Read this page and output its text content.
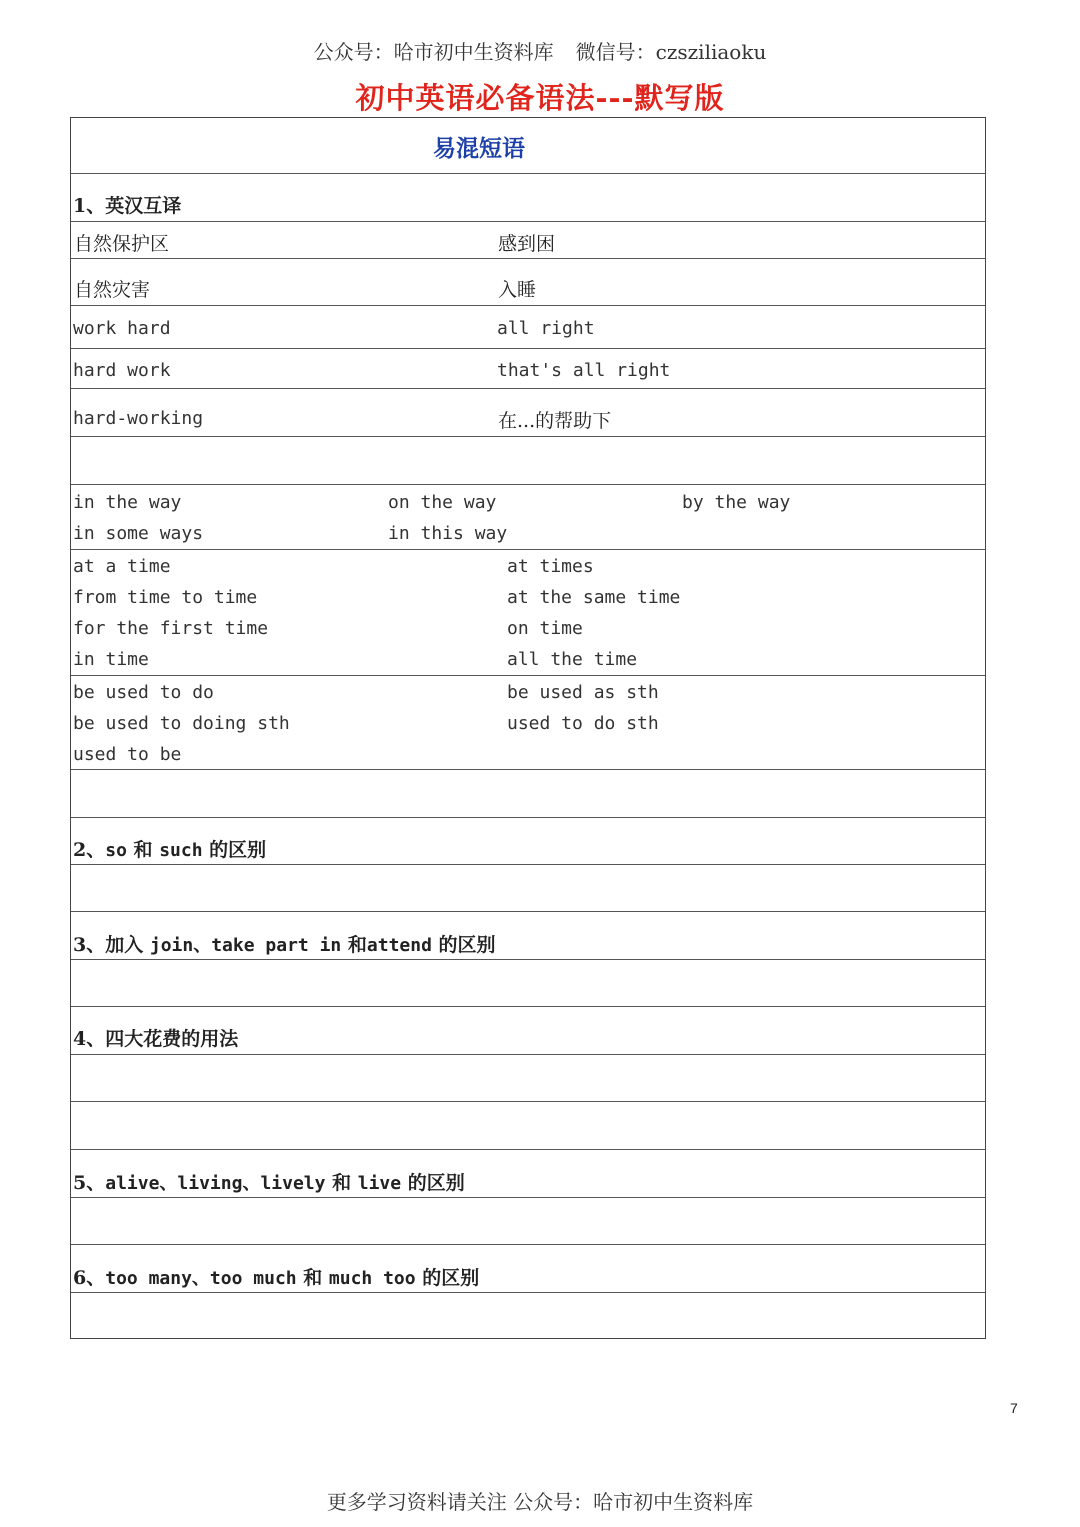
公众号：哈市初中生资料库 微信号：czsziliaoku
初中英语必备语法---默写版
易混短语
1、英汉互译
自然保护区	感到困
自然灾害	入睡
work hard	all right
hard work	that's all right
hard-working	在...的帮助下
in the way	on the way	by the way
in some ways	in this way
at a time	at times
from time to time	at the same time
for the first time	on time
in time	all the time
be used to do	be used as sth
be used to doing sth	used to do sth
used to be
2、so 和 such 的区别
3、加入 join、take part in 和attend 的区别
4、四大花费的用法
5、alive、living、lively 和 live 的区别
6、too many、too much 和 much too 的区别
7
更多学习资料请关注 公众号：哈市初中生资料库
